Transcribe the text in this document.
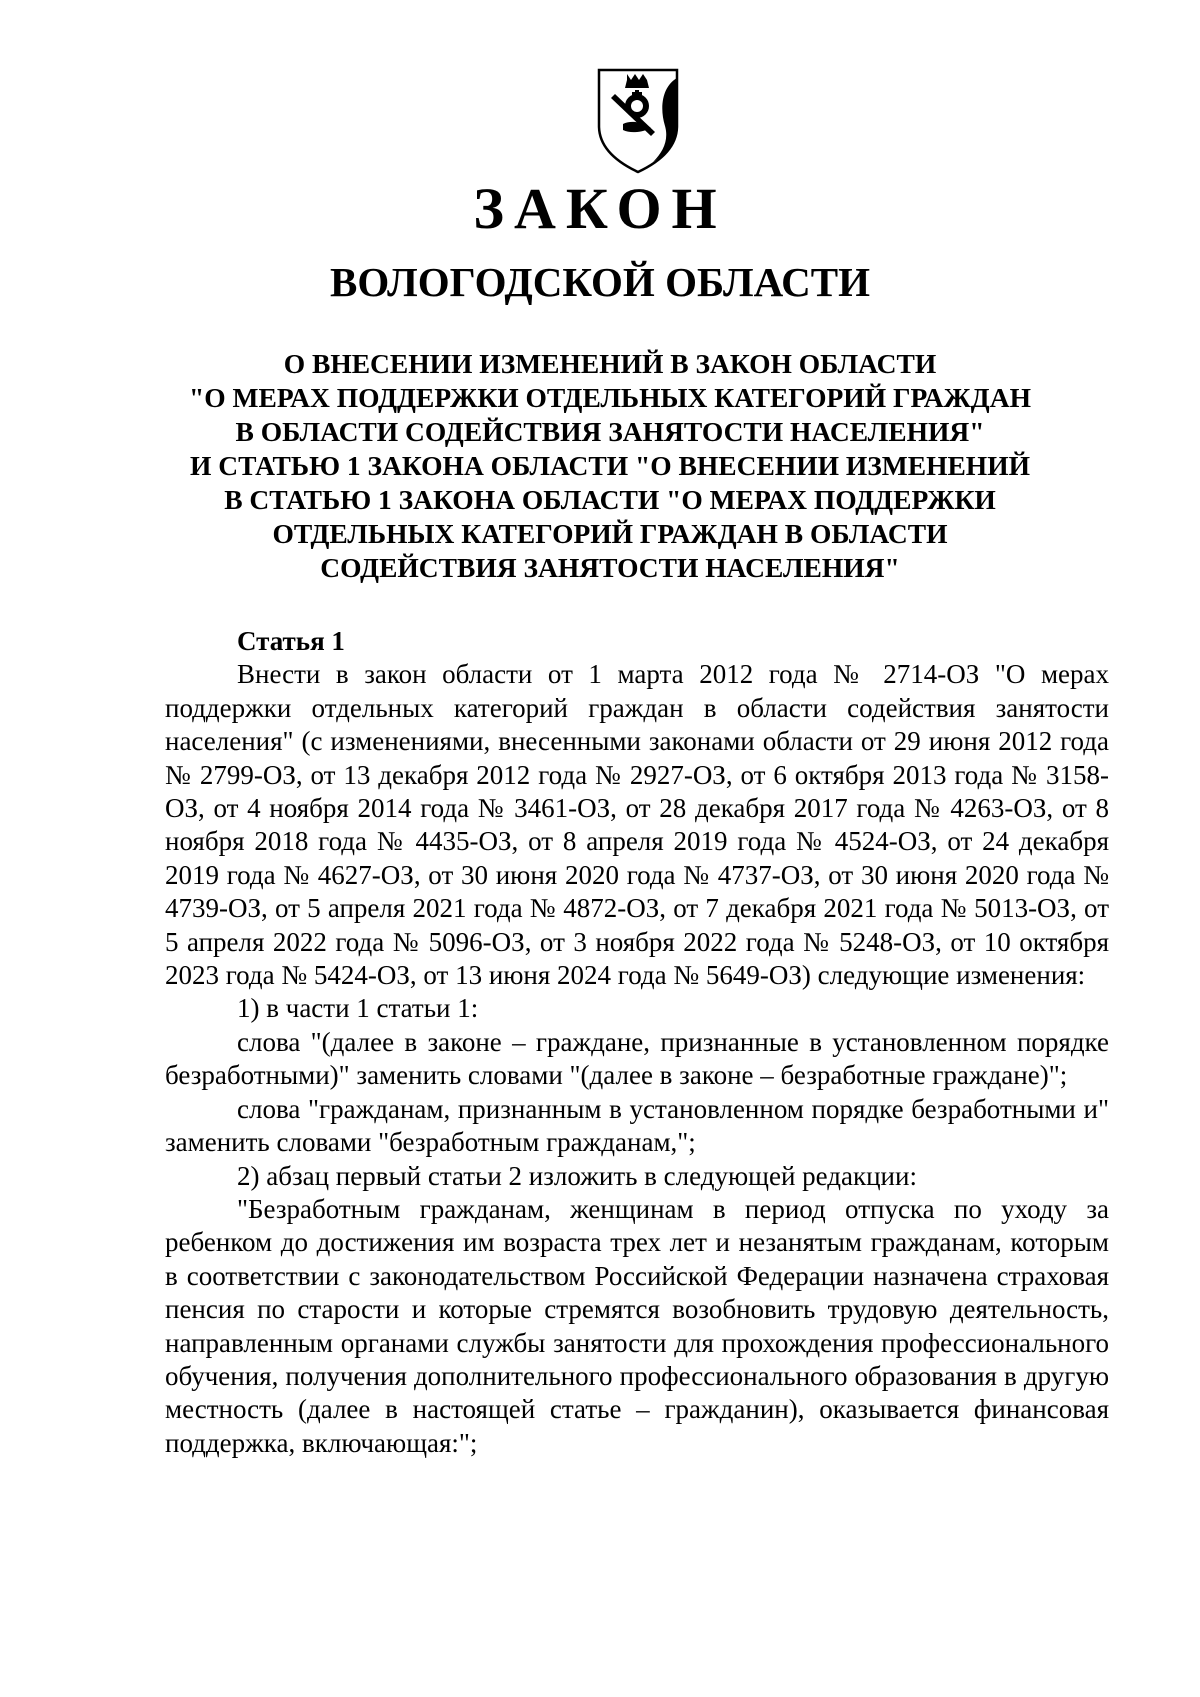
ЗАКОН
ВОЛОГОДСКОЙ ОБЛАСТИ
О ВНЕСЕНИИ ИЗМЕНЕНИЙ В ЗАКОН ОБЛАСТИ
"О МЕРАХ ПОДДЕРЖКИ ОТДЕЛЬНЫХ КАТЕГОРИЙ ГРАЖДАН
В ОБЛАСТИ СОДЕЙСТВИЯ ЗАНЯТОСТИ НАСЕЛЕНИЯ"
И СТАТЬЮ 1 ЗАКОНА ОБЛАСТИ "О ВНЕСЕНИИ ИЗМЕНЕНИЙ
В СТАТЬЮ 1 ЗАКОНА ОБЛАСТИ "О МЕРАХ ПОДДЕРЖКИ
ОТДЕЛЬНЫХ КАТЕГОРИЙ ГРАЖДАН В ОБЛАСТИ
СОДЕЙСТВИЯ ЗАНЯТОСТИ НАСЕЛЕНИЯ"
Статья 1

Внести в закон области от 1 марта 2012 года № 2714-ОЗ "О мерах поддержки отдельных категорий граждан в области содействия занятости населения" (с изменениями, внесенными законами области от 29 июня 2012 года № 2799-ОЗ, от 13 декабря 2012 года № 2927-ОЗ, от 6 октября 2013 года № 3158-ОЗ, от 4 ноября 2014 года № 3461-ОЗ, от 28 декабря 2017 года № 4263-ОЗ, от 8 ноября 2018 года № 4435-ОЗ, от 8 апреля 2019 года № 4524-ОЗ, от 24 декабря 2019 года № 4627-ОЗ, от 30 июня 2020 года № 4737-ОЗ, от 30 июня 2020 года № 4739-ОЗ, от 5 апреля 2021 года № 4872-ОЗ, от 7 декабря 2021 года № 5013-ОЗ, от 5 апреля 2022 года № 5096-ОЗ, от 3 ноября 2022 года № 5248-ОЗ, от 10 октября 2023 года № 5424-ОЗ, от 13 июня 2024 года № 5649-ОЗ) следующие изменения:

1) в части 1 статьи 1:

слова "(далее в законе – граждане, признанные в установленном порядке безработными)" заменить словами "(далее в законе – безработные граждане)";

слова "гражданам, признанным в установленном порядке безработными и" заменить словами "безработным гражданам,";

2) абзац первый статьи 2 изложить в следующей редакции:

"Безработным гражданам, женщинам в период отпуска по уходу за ребенком до достижения им возраста трех лет и незанятым гражданам, которым в соответствии с законодательством Российской Федерации назначена страховая пенсия по старости и которые стремятся возобновить трудовую деятельность, направленным органами службы занятости для прохождения профессионального обучения, получения дополнительного профессионального образования в другую местность (далее в настоящей статье – гражданин), оказывается финансовая поддержка, включающая:";
